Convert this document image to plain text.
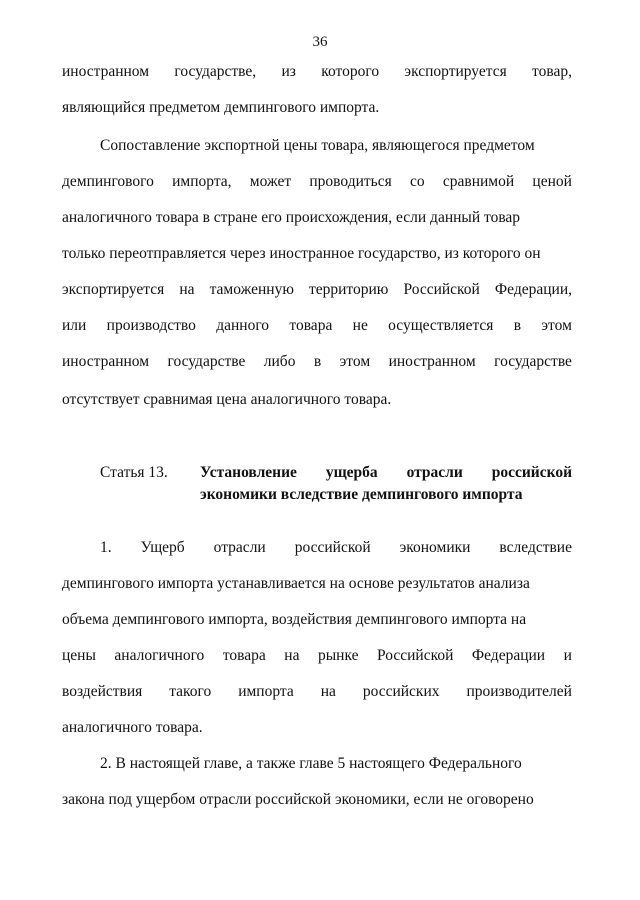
36
иностранном государстве, из которого экспортируется товар,
являющийся предметом демпингового импорта.
Сопоставление экспортной цены товара, являющегося предметом
демпингового импорта, может проводиться со сравнимой ценой
аналогичного товара в стране его происхождения, если данный товар
только переотправляется через иностранное государство, из которого он
экспортируется на таможенную территорию Российской Федерации,
или производство данного товара не осуществляется в этом
иностранном государстве либо в этом иностранном государстве
отсутствует сравнимая цена аналогичного товара.
Статья 13. Установление ущерба отрасли российской
экономики вследствие демпингового импорта
1. Ущерб отрасли российской экономики вследствие
демпингового импорта устанавливается на основе результатов анализа
объема демпингового импорта, воздействия демпингового импорта на
цены аналогичного товара на рынке Российской Федерации и
воздействия такого импорта на российских производителей
аналогичного товара.
2. В настоящей главе, а также главе 5 настоящего Федерального
закона под ущербом отрасли российской экономики, если не оговорено
